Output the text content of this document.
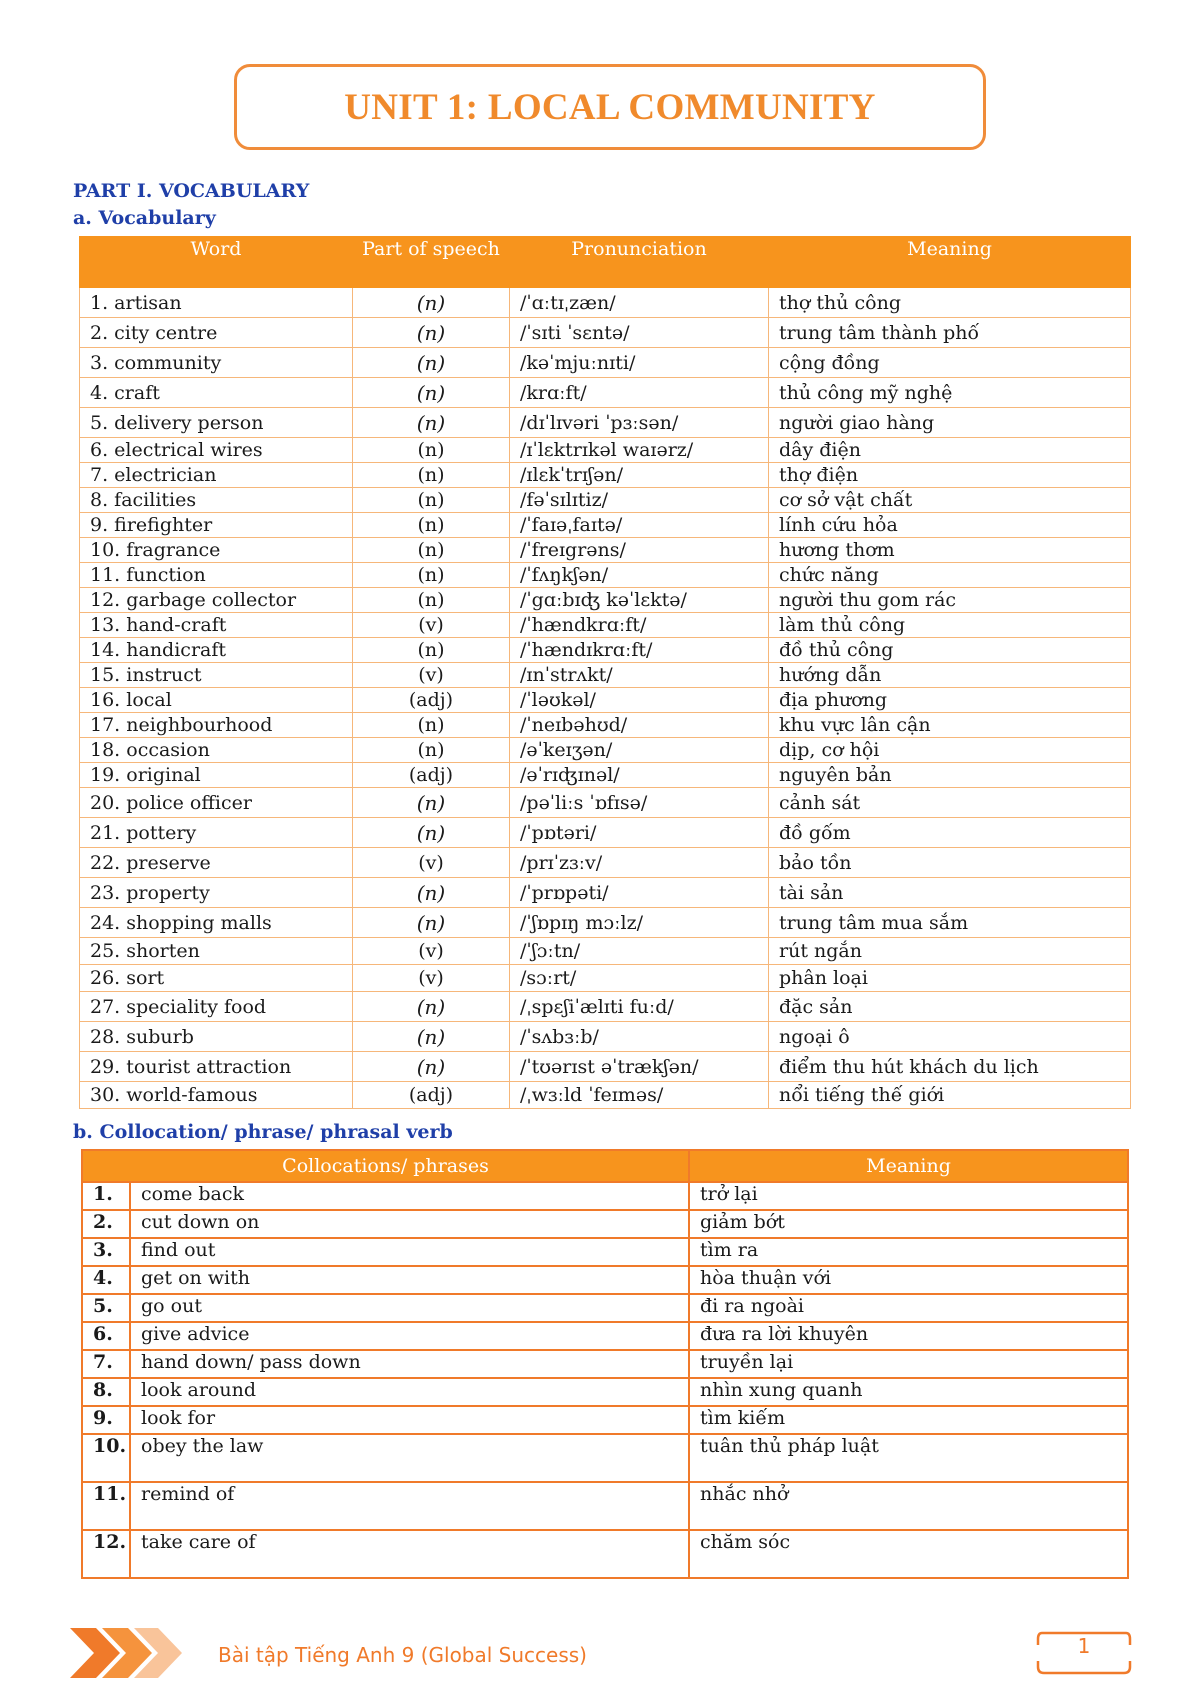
UNIT 1: LOCAL COMMUNITY
PART I. VOCABULARY
a. Vocabulary
Word	Part of speech	Pronunciation	Meaning
1. artisan	(n)	/ˈɑːtɪˌzæn/	thợ thủ công
2. city centre	(n)	/ˈsɪti ˈsɛntə/	trung tâm thành phố
3. community	(n)	/kəˈmjuːnɪti/	cộng đồng
4. craft	(n)	/krɑːft/	thủ công mỹ nghệ
5. delivery person	(n)	/dɪˈlɪvəri ˈpɜːsən/	người giao hàng
6. electrical wires	(n)	/ɪˈlɛktrɪkəl waɪərz/	dây điện
7. electrician	(n)	/ɪlɛkˈtrɪʃən/	thợ điện
8. facilities	(n)	/fəˈsɪlɪtiz/	cơ sở vật chất
9. firefighter	(n)	/ˈfaɪəˌfaɪtə/	lính cứu hỏa
10. fragrance	(n)	/ˈfreɪgrəns/	hương thơm
11. function	(n)	/ˈfʌŋkʃən/	chức năng
12. garbage collector	(n)	/ˈgɑːbɪʤ kəˈlɛktə/	người thu gom rác
13. hand-craft	(v)	/ˈhændkrɑːft/	làm thủ công
14. handicraft	(n)	/ˈhændɪkrɑːft/	đồ thủ công
15. instruct	(v)	/ɪnˈstrʌkt/	hướng dẫn
16. local	(adj)	/ˈləʊkəl/	địa phương
17. neighbourhood	(n)	/ˈneɪbəhʊd/	khu vực lân cận
18. occasion	(n)	/əˈkeɪʒən/	dịp, cơ hội
19. original	(adj)	/əˈrɪʤɪnəl/	nguyên bản
20. police officer	(n)	/pəˈliːs ˈɒfɪsə/	cảnh sát
21. pottery	(n)	/ˈpɒtəri/	đồ gốm
22. preserve	(v)	/prɪˈzɜːv/	bảo tồn
23. property	(n)	/ˈprɒpəti/	tài sản
24. shopping malls	(n)	/ˈʃɒpɪŋ mɔːlz/	trung tâm mua sắm
25. shorten	(v)	/ˈʃɔːtn/	rút ngắn
26. sort	(v)	/sɔːrt/	phân loại
27. speciality food	(n)	/ˌspɛʃiˈælɪti fuːd/	đặc sản
28. suburb	(n)	/ˈsʌbɜːb/	ngoại ô
29. tourist attraction	(n)	/ˈtʊərɪst əˈtrækʃən/	điểm thu hút khách du lịch
30. world-famous	(adj)	/ˌwɜːld ˈfeɪməs/	nổi tiếng thế giới
b. Collocation/ phrase/ phrasal verb
Collocations/ phrases		Meaning
1.	come back	trở lại
2.	cut down on	giảm bớt
3.	find out	tìm ra
4.	get on with	hòa thuận với
5.	go out	đi ra ngoài
6.	give advice	đưa ra lời khuyên
7.	hand down/ pass down	truyền lại
8.	look around	nhìn xung quanh
9.	look for	tìm kiếm
10.	obey the law	tuân thủ pháp luật
11.	remind of	nhắc nhở
12.	take care of	chăm sóc
Bài tập Tiếng Anh 9 (Global Success)	1
